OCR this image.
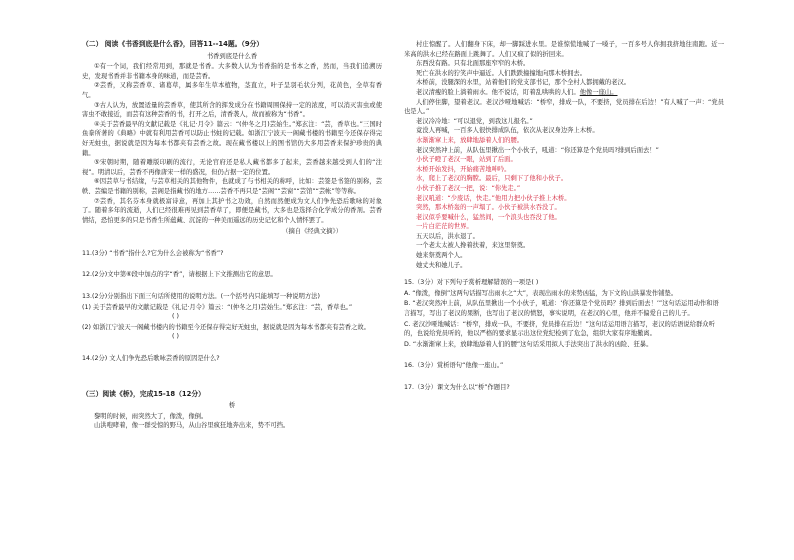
（二） 阅读《书香到底是什么香》，回答11--14题。（9分）

书香到底是什么香

①有一个词，我们经常用到，那就是书香。大多数人认为书香指的是书本之香，然而，当我们追溯历史，发现书香并非书籍本身的味道，而是芸香。

②芸香，又称芸香草、诸葛草，属多年生草本植物，茎直立，叶子呈羽毛状分列，花黄色，全草有香气。

③古人认为，放置适量的芸香草，使其所含的挥发成分在书籍周围保持一定的浓度，可以消灭害虫或使害虫不敢接近，而芸有这种芸香的书，打开之后，清香袭人，故而被称为“书香”。

④关于芸香最早的文献记载是《礼记·月令》篇云：“(仲冬之月)芸始生。”郑玄注：“芸，香草也。”三国时鱼豢所著的《典略》中就有利用芸香可以防止书蛀的记载。如浙江宁波天一阁藏书楼的书籍至今还保存得完好无蛀虫，据说就是因为每本书都夹有芸香之故。现在藏书楼以上的图书馆仍大多用芸香来保护珍贵的典籍。

⑤宋朝时期，随着雕版印刷的流行，无论官府还是私人藏书都多了起来，芸香越来越受到人们的“注视”。明清以后，芸香不再像唐宋一样的盛况，但仍占据一定的位置。

⑥因芸草与书结缘，与芸草相关的其他物件，也就成了与书相关的称呼，比如：芸签是书签的别称，芸帙、芸编是书籍的别称，芸阁是指藏书的地方……芸香不再只是“芸阁”“芸窗”“芸馆”“芸帐”等等称。

⑦芸香，其名芬本身就极富诗意，再加上其护书之功效，自然而然便成为文人们争先恐后歌咏的对象了。随着多年的流逝，人们已经很难再见到芸香草了，即便是藏书，大多也是选择合化学成分的香剂。芸香情结，恐怕更多的只是书香生所蕴藏、沉淀的一种美而遥远的历史记忆和个人情怀罢了。

（摘自《经典文摘》）

11.(3分) “书香”指什么?它为什么会被称为“书香”?

12.(2分)文中第⑥段中加点的字“香”，请根据上下文推测出它的意思。

13.(2分)分别指出下面三句话所使用的说明方法。(一个括号内只能填写一种说明方法)

(1) 关于芸香最早的文献记载是《礼记·月令》篇云：“(仲冬之月)芸始生。”郑玄注：“芸，香草也。” ( )

(2) 如浙江宁波天一阁藏书楼内的书籍至今还保存得完好无蛀虫，据说就是因为每本书都夹有芸香之故。 ( )

14.(2分) 文人们争先恐后歌咏芸香的原因是什么?

（三）阅读《桥》，完成15-18（12分）

桥

黎明的时候，雨突然大了，像泼，像倒。

山洪咆哮着，像一群受惊的野马，从山谷里疯狂地奔出来，势不可挡。

村庄惊醒了。人们翻身下床，却一脚踩进水里。是谁惊慌地喊了一嗓子，一百多号人你拥我挤地往南跑。近一米高的洪水已经在路面上跳舞了。人们又疯了似的折回来。

东西没有路。只有北面那座窄窄的木桥。

死亡在洪水的狞笑声中逼近。人们跌跌撞撞地向那木桥拥去。

木桥前，没腿深的水里，站着他们的党支部书记，那个全村人都拥戴的老汉。

老汉清瘦的脸上淌着雨水。他不说话，盯着乱哄哄的人们。他像一座山。

人们停住脚，望着老汉。老汉沙哑地喊话：“桥窄，排成一队，不要挤，党员排在后边！”有人喊了一声：“党员也是人。”

老汉冷冷地：“可以退党，到我这儿报名。”

竟没人再喊，一百多人很快排成队伍，依次从老汉身边奔上木桥。

水渐渐窜上来，放肆地舔着人们的腰。

老汉突然冲上前，从队伍里揪出一个小伙子，吼道：“你还算是个党员吗?排到后面去！”

小伙子瞪了老汉一眼，站到了后面。

木桥开始发抖，开始痛苦地呻吟。

水，爬上了老汉的胸膛。最后，只剩下了他和小伙子。

小伙子推了老汉一把，说：“你先走。”

老汉吼道：“少废话，快走。”他用力把小伙子推上木桥。

突然，那木桥轰的一声塌了。小伙子被洪水吞没了。

老汉似乎要喊什么，猛然间，一个浪头也吞没了他。

一片白茫茫的世界。

五天以后，洪水退了。

一个老太太被人搀着扶着，来这里祭奠。

她来祭奠两个人。

她丈夫和她儿子。

15.（3分）对下列句子赏析理解错误的一项是( )

A. “像泼，像倒”这两句话描写出雨水之“大”，表现出雨水的来势凶猛，为下文的山洪暴发作铺垫。

B. “老汉突然冲上前，从队伍里揪出一个小伙子，吼道：‘你还算是个党员吗？排到后面去！’”这句话运用动作和语言描写，写出了老汉的果断，也写出了老汉的愤怒，事实说明，在老汉的心里，他并不偏爱自己的儿子。

C. 老汉沙哑地喊话：“桥窄，排成一队，不要挤，党员排在后边！”这句话运用语言描写，老汉的话语说给群众听的，也说给党员听的，他以严格的要求显示出这位党纪检到了危急，组织大家有序地撤离。

D. “水渐渐窜上来，放肆地舔着人们的腰”这句话采用拟人手法突出了洪水的凶险、狂暴。

16.（3分）赏析语句“他像一座山。”

17.（3分）课文为什么以“桥”作题目?
